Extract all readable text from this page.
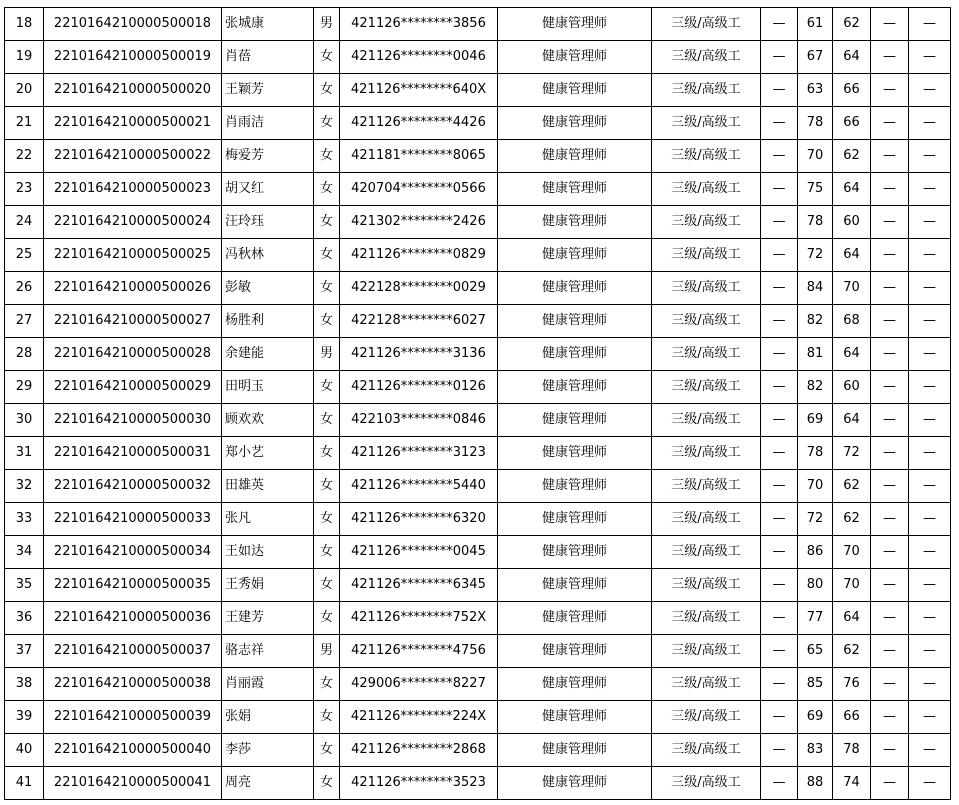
18	2210164210000500018	张城康	男	421126********3856	健康管理师	三级/高级工	—	61	62	—	—
19	2210164210000500019	肖蓓	女	421126********0046	健康管理师	三级/高级工	—	67	64	—	—
20	2210164210000500020	王颖芳	女	421126********640X	健康管理师	三级/高级工	—	63	66	—	—
21	2210164210000500021	肖雨洁	女	421126********4426	健康管理师	三级/高级工	—	78	66	—	—
22	2210164210000500022	梅爱芳	女	421181********8065	健康管理师	三级/高级工	—	70	62	—	—
23	2210164210000500023	胡又红	女	420704********0566	健康管理师	三级/高级工	—	75	64	—	—
24	2210164210000500024	汪玲珏	女	421302********2426	健康管理师	三级/高级工	—	78	60	—	—
25	2210164210000500025	冯秋林	女	421126********0829	健康管理师	三级/高级工	—	72	64	—	—
26	2210164210000500026	彭敏	女	422128********0029	健康管理师	三级/高级工	—	84	70	—	—
27	2210164210000500027	杨胜利	女	422128********6027	健康管理师	三级/高级工	—	82	68	—	—
28	2210164210000500028	余建能	男	421126********3136	健康管理师	三级/高级工	—	81	64	—	—
29	2210164210000500029	田明玉	女	421126********0126	健康管理师	三级/高级工	—	82	60	—	—
30	2210164210000500030	顾欢欢	女	422103********0846	健康管理师	三级/高级工	—	69	64	—	—
31	2210164210000500031	郑小艺	女	421126********3123	健康管理师	三级/高级工	—	78	72	—	—
32	2210164210000500032	田雄英	女	421126********5440	健康管理师	三级/高级工	—	70	62	—	—
33	2210164210000500033	张凡	女	421126********6320	健康管理师	三级/高级工	—	72	62	—	—
34	2210164210000500034	王如达	女	421126********0045	健康管理师	三级/高级工	—	86	70	—	—
35	2210164210000500035	王秀娟	女	421126********6345	健康管理师	三级/高级工	—	80	70	—	—
36	2210164210000500036	王建芳	女	421126********752X	健康管理师	三级/高级工	—	77	64	—	—
37	2210164210000500037	骆志祥	男	421126********4756	健康管理师	三级/高级工	—	65	62	—	—
38	2210164210000500038	肖丽霞	女	429006********8227	健康管理师	三级/高级工	—	85	76	—	—
39	2210164210000500039	张娟	女	421126********224X	健康管理师	三级/高级工	—	69	66	—	—
40	2210164210000500040	李莎	女	421126********2868	健康管理师	三级/高级工	—	83	78	—	—
41	2210164210000500041	周亮	女	421126********3523	健康管理师	三级/高级工	—	88	74	—	—
